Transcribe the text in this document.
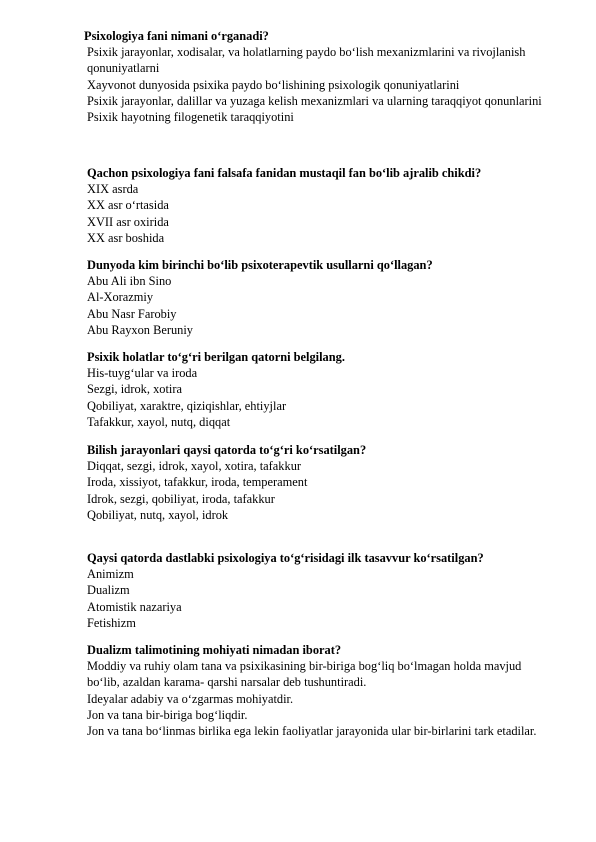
Psixologiya fani nimani o‘rganadi?
Psixik jarayonlar, xodisalar, va holatlarning paydo bo‘lish mexanizmlarini va rivojlanish qonuniyatlarni
Xayvonot dunyosida psixika paydo bo‘lishining psixologik qonuniyatlarini
Psixik jarayonlar, dalillar va yuzaga kelish mexanizmlari va ularning taraqqiyot qonunlarini
Psixik hayotning filogenetik taraqqiyotini
Qachon psixologiya fani falsafa fanidan mustaqil fan bo‘lib ajralib chikdi?
XIX asrda
XX asr o‘rtasida
XVII asr oxirida
XX asr boshida
Dunyoda kim birinchi bo‘lib psixoterapevtik usullarni qo‘llagan?
Abu Ali ibn Sino
Al-Xorazmiy
Abu Nasr Farobiy
Abu Rayxon Beruniy
Psixik holatlar to‘g‘ri berilgan qatorni belgilang.
His-tuyg‘ular va iroda
Sezgi, idrok, xotira
Qobiliyat, xaraktre, qiziqishlar, ehtiyjlar
Tafakkur, xayol, nutq, diqqat
Bilish jarayonlari qaysi qatorda to‘g‘ri ko‘rsatilgan?
Diqqat, sezgi, idrok, xayol, xotira, tafakkur
Iroda, xissiyot, tafakkur, iroda, temperament
Idrok, sezgi, qobiliyat, iroda, tafakkur
Qobiliyat, nutq, xayol, idrok
Qaysi qatorda dastlabki psixologiya to‘g‘risidagi ilk tasavvur ko‘rsatilgan?
Animizm
Dualizm
Atomistik nazariya
Fetishizm
Dualizm talimotining mohiyati nimadan iborat?
Moddiy va ruhiy olam tana va psixikasining bir-biriga bog‘liq bo‘lmagan holda mavjud bo‘lib, azaldan karama- qarshi narsalar deb tushuntiradi.
Ideyalar adabiy va o‘zgarmas mohiyatdir.
Jon va tana bir-biriga bog‘liqdir.
Jon va tana bo‘linmas birlika ega lekin faoliyatlar jarayonida ular bir-birlarini tark etadilar.
